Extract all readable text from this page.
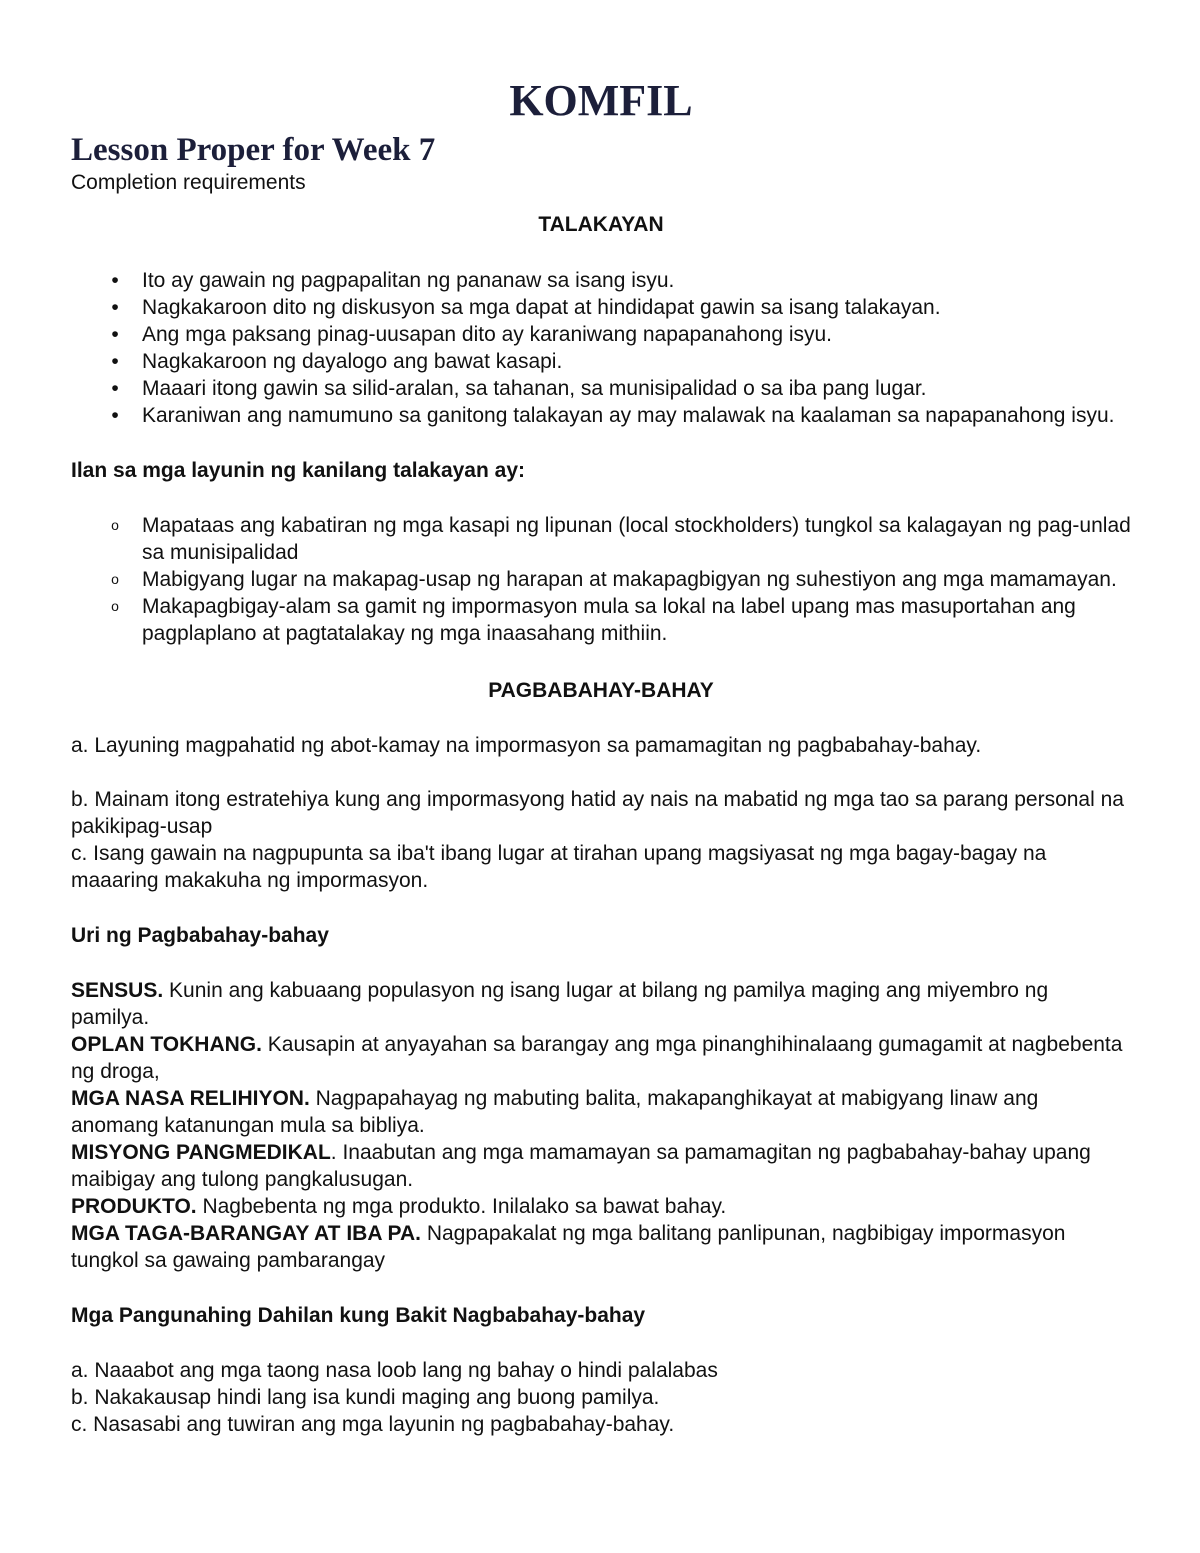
KOMFIL
Lesson Proper for Week 7

Completion requirements

TALAKAYAN

•	Ito ay gawain ng pagpapalitan ng pananaw sa isang isyu.
•	Nagkakaroon dito ng diskusyon sa mga dapat at hindidapat gawin sa isang talakayan.
•	Ang mga paksang pinag-uusapan dito ay karaniwang napapanahong isyu.
•	Nagkakaroon ng dayalogo ang bawat kasapi.
•	Maaari itong gawin sa silid-aralan, sa tahanan, sa munisipalidad o sa iba pang lugar.
•	Karaniwan ang namumuno sa ganitong talakayan ay may malawak na kaalaman sa napapanahong isyu.

Ilan sa mga layunin ng kanilang talakayan ay:

o Mapataas ang kabatiran ng mga kasapi ng lipunan (local stockholders) tungkol sa kalagayan ng pag-unlad sa munisipalidad
o Mabigyang lugar na makapag-usap ng harapan at makapagbigyan ng suhestiyon ang mga mamamayan.
o Makapagbigay-alam sa gamit ng impormasyon mula sa lokal na label upang mas masuportahan ang pagplaplano at pagtatalakay ng mga inaasahang mithiin.

PAGBABAHAY-BAHAY

a. Layuning magpahatid ng abot-kamay na impormasyon sa pamamagitan ng pagbabahay-bahay.

b. Mainam itong estratehiya kung ang impormasyong hatid ay nais na mabatid ng mga tao sa parang personal na pakikipag-usap

c. Isang gawain na nagpupunta sa iba't ibang lugar at tirahan upang magsiyasat ng mga bagay-bagay na maaaring makakuha ng impormasyon.

Uri ng Pagbabahay-bahay

SENSUS. Kunin ang kabuaang populasyon ng isang lugar at bilang ng pamilya maging ang miyembro ng pamilya.

OPLAN TOKHANG. Kausapin at anyayahan sa barangay ang mga pinanghihinalaang gumagamit at nagbebenta ng droga,

MGA NASA RELIHIYON. Nagpapahayag ng mabuting balita, makapanghikayat at mabigyang linaw ang anomang katanungan mula sa bibliya.

MISYONG PANGMEDIKAL. Inaabutan ang mga mamamayan sa pamamagitan ng pagbabahay-bahay upang maibigay ang tulong pangkalusugan.

PRODUKTO. Nagbebenta ng mga produkto. Inilalako sa bawat bahay.

MGA TAGA-BARANGAY AT IBA PA. Nagpapakalat ng mga balitang panlipunan, nagbibigay impormasyon tungkol sa gawaing pambarangay

Mga Pangunahing Dahilan kung Bakit Nagbabahay-bahay

a. Naaabot ang mga taong nasa loob lang ng bahay o hindi palalabas

b. Nakakausap hindi lang isa kundi maging ang buong pamilya.

c. Nasasabi ang tuwiran ang mga layunin ng pagbabahay-bahay.
